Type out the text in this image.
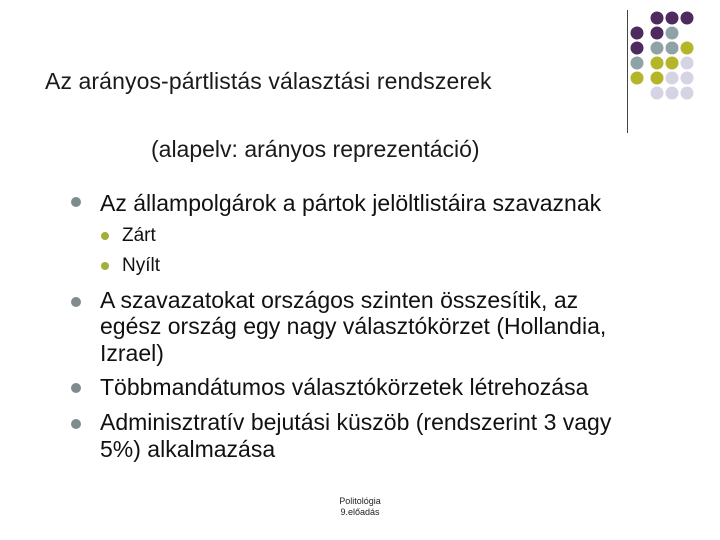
Az arányos-pártlistás választási rendszerek
(alapelv: arányos reprezentáció)
Az állampolgárok a pártok jelöltlistáira szavaznak
Zárt
Nyílt
A szavazatokat országos szinten összesítik, az
egész ország egy nagy választókörzet (Hollandia,
Izrael)
Többmandátumos választókörzetek létrehozása
Adminisztratív bejutási küszöb (rendszerint 3 vagy
5%) alkalmazása
Politológia
9.előadás
